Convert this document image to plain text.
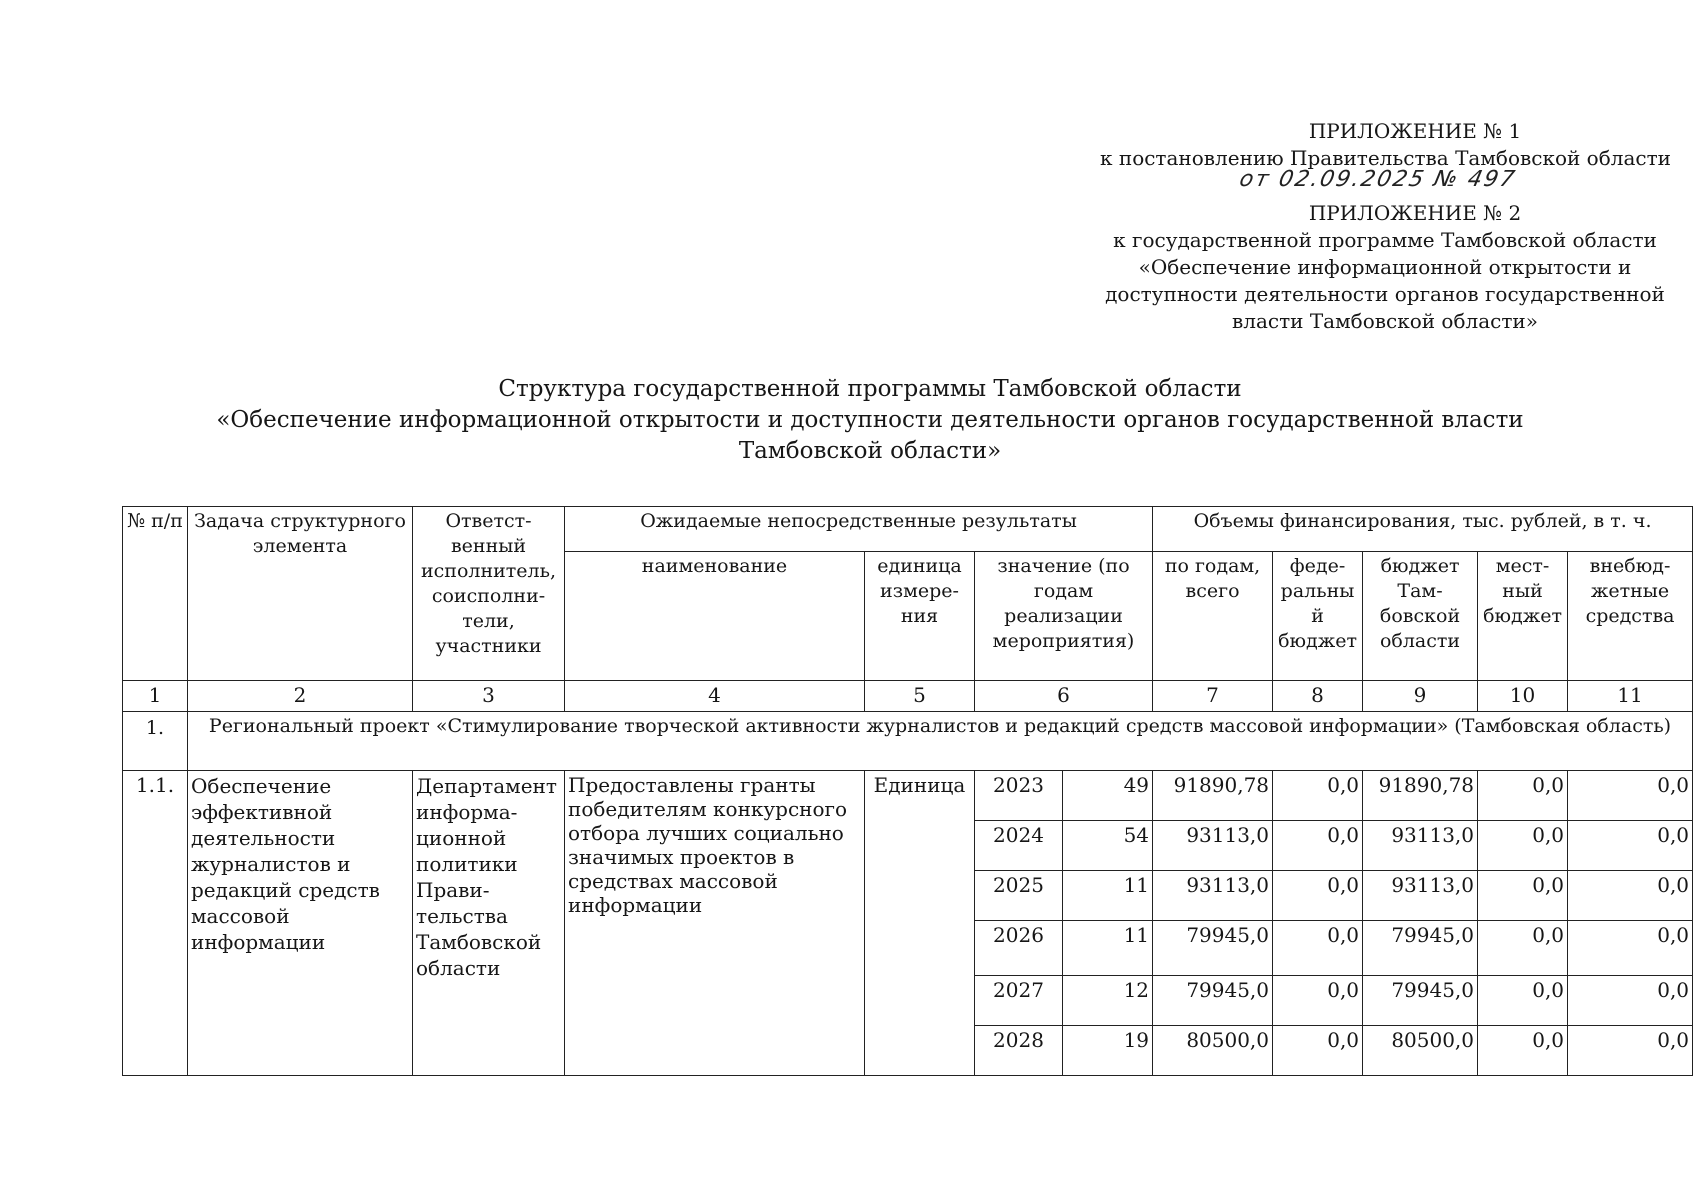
ПРИЛОЖЕНИЕ № 1
к постановлению Правительства Тамбовской области
от 02.09.2025 № 497
ПРИЛОЖЕНИЕ № 2
к государственной программе Тамбовской области
«Обеспечение информационной открытости и
доступности деятельности органов государственной
власти Тамбовской области»
Структура государственной программы Тамбовской области
«Обеспечение информационной открытости и доступности деятельности органов государственной власти
Тамбовской области»
№ п/п	Задача структурного элемента	Ответст-венный исполнитель, соисполни-тели, участники	Ожидаемые непосредственные результаты				Объемы финансирования, тыс. рублей, в т. ч.				
			наименование	единица измере-ния	значение (по годам реализации мероприятия)		по годам, всего	феде-ральный бюджет	бюджет Там-бовской области	мест-ный бюджет	внебюд-жетные средства
1	2	3	4	5	6		7	8	9	10	11
1.	Региональный проект «Стимулирование творческой активности журналистов и редакций средств массовой информации» (Тамбовская область)										
1.1.	Обеспечение эффективной деятельности журналистов и редакций средств массовой информации	Департамент информа-ционной политики Прави-тельства Тамбовской области	Предоставлены гранты победителям конкурсного отбора лучших социально значимых проектов в средствах массовой информации	Единица	2023	49	91890,78	0,0	91890,78	0,0	0,0
					2024	54	93113,0	0,0	93113,0	0,0	0,0
					2025	11	93113,0	0,0	93113,0	0,0	0,0
					2026	11	79945,0	0,0	79945,0	0,0	0,0
					2027	12	79945,0	0,0	79945,0	0,0	0,0
					2028	19	80500,0	0,0	80500,0	0,0	0,0
